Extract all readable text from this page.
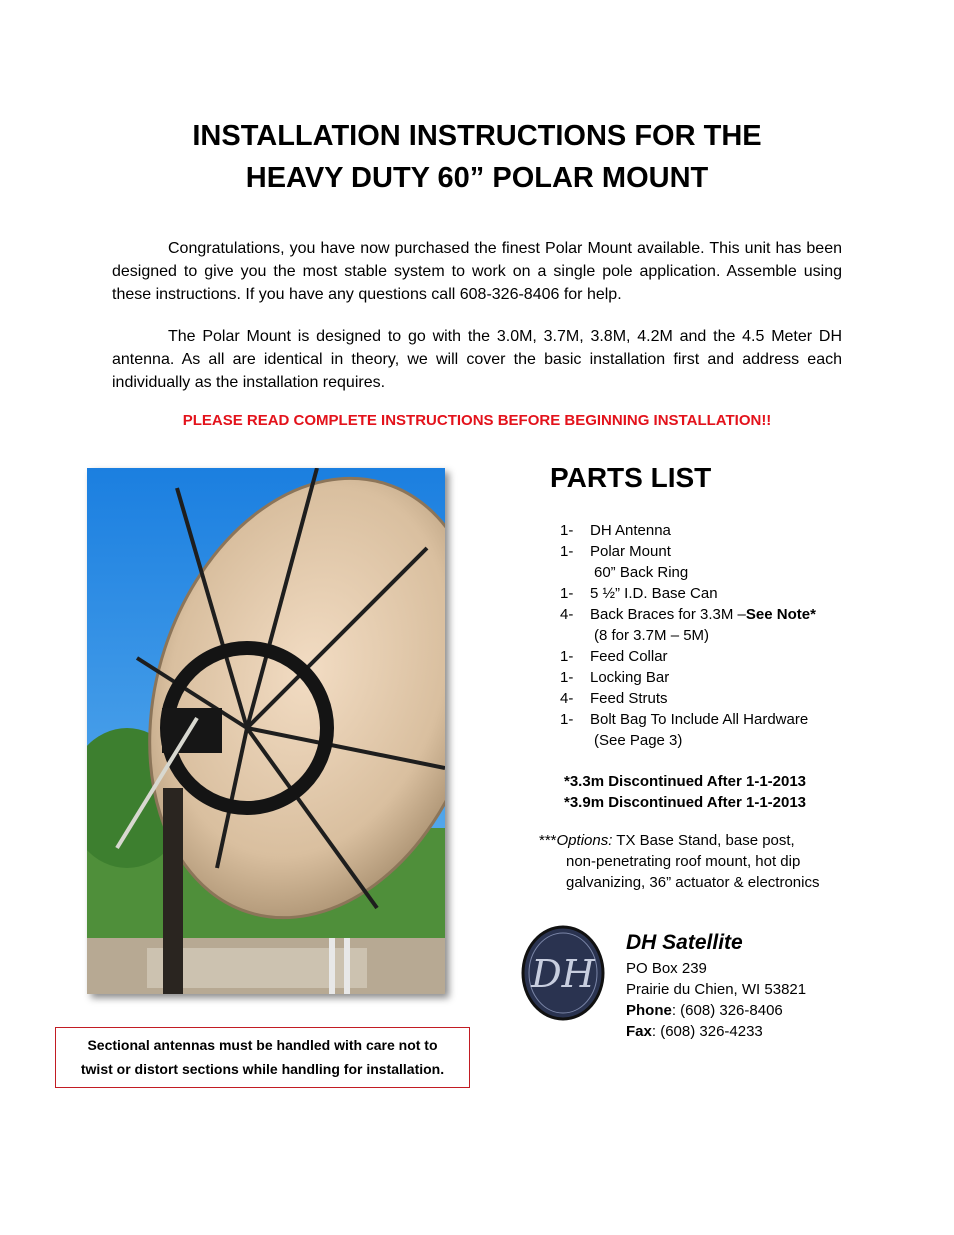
INSTALLATION INSTRUCTIONS FOR THE
HEAVY DUTY 60” POLAR MOUNT
Congratulations, you have now purchased the finest Polar Mount available. This unit has been designed to give you the most stable system to work on a single pole application. Assemble using these instructions. If you have any questions call 608-326-8406 for help.
The Polar Mount is designed to go with the 3.0M, 3.7M, 3.8M, 4.2M and the 4.5 Meter DH antenna. As all are identical in theory, we will cover the basic installation first and address each individually as the installation requires.
PLEASE READ COMPLETE INSTRUCTIONS BEFORE BEGINNING INSTALLATION!!
Sectional antennas must be handled with care not to
twist or distort sections while handling for installation.
PARTS LIST
1- DH Antenna
1- Polar Mount
60” Back Ring
1- 5 ½” I.D. Base Can
4- Back Braces for 3.3M –See Note*
(8 for 3.7M – 5M)
1- Feed Collar
1- Locking Bar
4- Feed Struts
1- Bolt Bag To Include All Hardware
(See Page 3)
*3.3m Discontinued After 1-1-2013
*3.9m Discontinued After 1-1-2013
***Options: TX Base Stand, base post,
non-penetrating roof mount, hot dip
galvanizing, 36” actuator & electronics
DH
DH Satellite
PO Box 239
Prairie du Chien, WI 53821
Phone: (608) 326-8406
Fax: (608) 326-4233
